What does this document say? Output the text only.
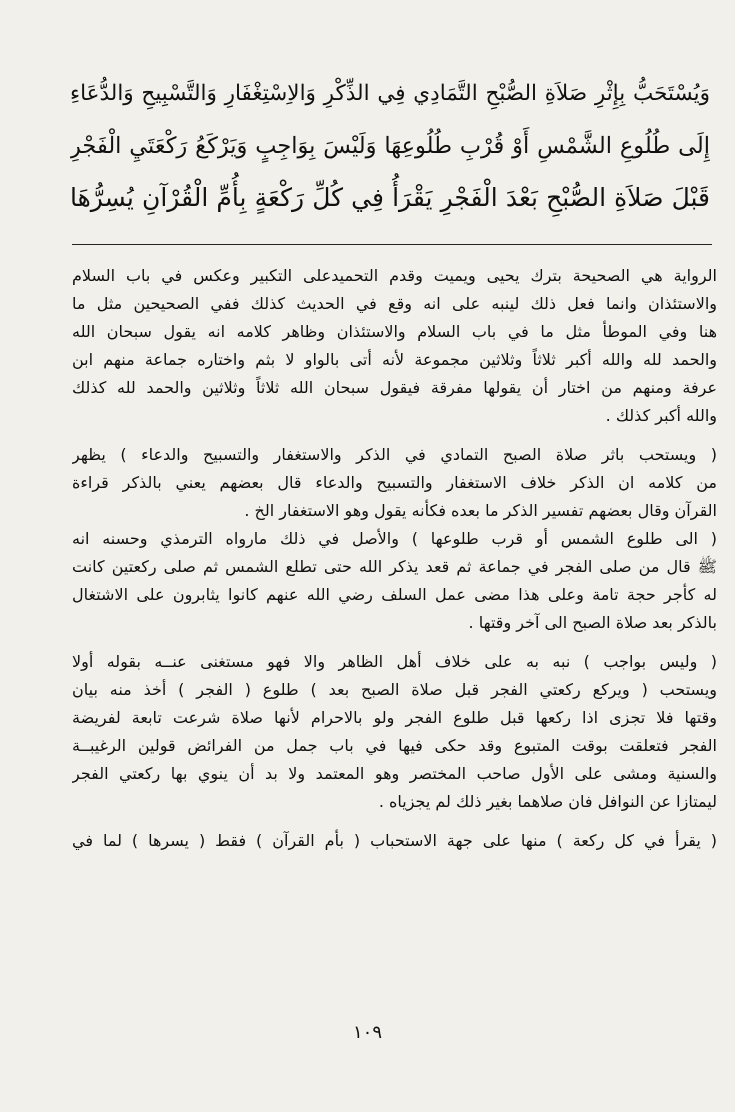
وَيُسْتَحَبُّ بِإِثْرِ صَلاَةِ الصُّبْحِ التَّمَادِي فِي الذِّكْرِ وَالاِسْتِغْفَارِ وَالتَّسْبِيحِ وَالدُّعَاءِ
إِلَى طُلُوعِ الشَّمْسِ أَوْ قُرْبِ طُلُوعِهَا وَلَيْسَ بِوَاجِبٍ وَيَرْكَعُ رَكْعَتَيِ الْفَجْرِ
قَبْلَ صَلاَةِ الصُّبْحِ بَعْدَ الْفَجْرِ يَقْرَأُ فِي كُلِّ رَكْعَةٍ بِأُمِّ الْقُرْآنِ يُسِرُّهَا
الرواية هي الصحيحة بترك يحيى ويميت وقدم التحميدعلى التكبير وعكس في باب السلام
والاستئذان وانما فعل ذلك لينبه على انه وقع في الحديث كذلك ففي الصحيحين مثل ما
هنا وفي الموطأ مثل ما في باب السلام والاستئذان وظاهر كلامه انه يقول سبحان الله
والحمد لله والله أكبر ثلاثاً وثلاثين مجموعة لأنه أتى بالواو لا بثم واختاره جماعة منهم ابن
عرفة ومنهم من اختار أن يقولها مفرقة فيقول سبحان الله ثلاثاً وثلاثين والحمد لله كذلك
والله أكبر كذلك .
( ويستحب باثر صلاة الصبح التمادي في الذكر والاستغفار والتسبيح والدعاء ) يظهر
من كلامه ان الذكر خلاف الاستغفار والتسبيح والدعاء قال بعضهم يعني بالذكر قراءة
القرآن وقال بعضهم تفسير الذكر ما بعده فكأنه يقول وهو الاستغفار الخ .
( الى طلوع الشمس أو قرب طلوعها ) والأصل في ذلك مارواه الترمذي وحسنه انه
ﷺ قال من صلى الفجر في جماعة ثم قعد يذكر الله حتى تطلع الشمس ثم صلى ركعتين كانت
له كأجر حجة تامة وعلى هذا مضى عمل السلف رضي الله عنهم كانوا يثابرون على الاشتغال
بالذكر بعد صلاة الصبح الى آخر وقتها .
( وليس بواجب ) نبه به على خلاف أهل الظاهر والا فهو مستغنى عنــه بقوله أولا
ويستحب ( ويركع ركعتي الفجر قبل صلاة الصبح بعد ) طلوع ( الفجر ) أخذ منه بيان
وقتها فلا تجزى اذا ركعها قبل طلوع الفجر ولو بالاحرام لأنها صلاة شرعت تابعة لفريضة
الفجر فتعلقت بوقت المتبوع وقد حكى فيها في باب جمل من الفرائض قولين الرغيبــة
والسنية ومشى على الأول صاحب المختصر وهو المعتمد ولا بد أن ينوي بها ركعتي الفجر
ليمتازا عن النوافل فان صلاهما بغير ذلك لم يجزياه .
( يقرأ في كل ركعة ) منها على جهة الاستحباب ( بأم القرآن ) فقط ( يسرها ) لما في
١٠٩
